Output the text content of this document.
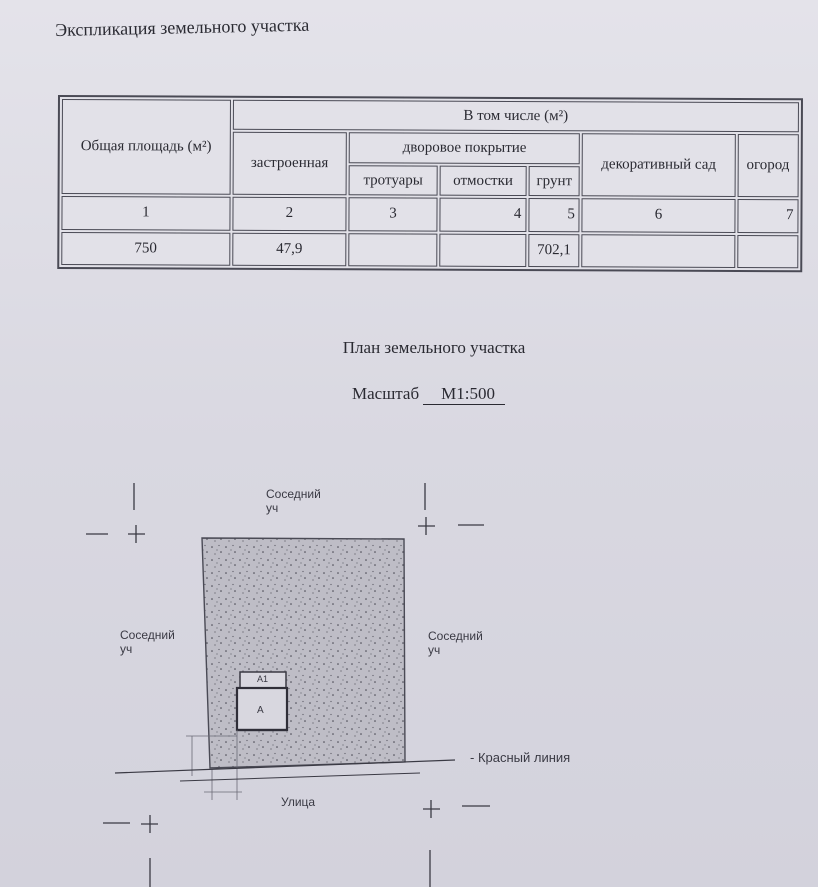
Экспликация земельного участка
Общая площадь (м²)	В том числе (м²)					
	застроенная	дворовое покрытие			декоративный сад	огород
		тротуары	отмостки	грунт		
1	2	3	4	5	6	7
750	47,9			702,1		
План земельного участка
Масштаб М1:500
Соседний
уч
Соседний
уч
Соседний
уч
- Красный линия
Улица
А
А1
